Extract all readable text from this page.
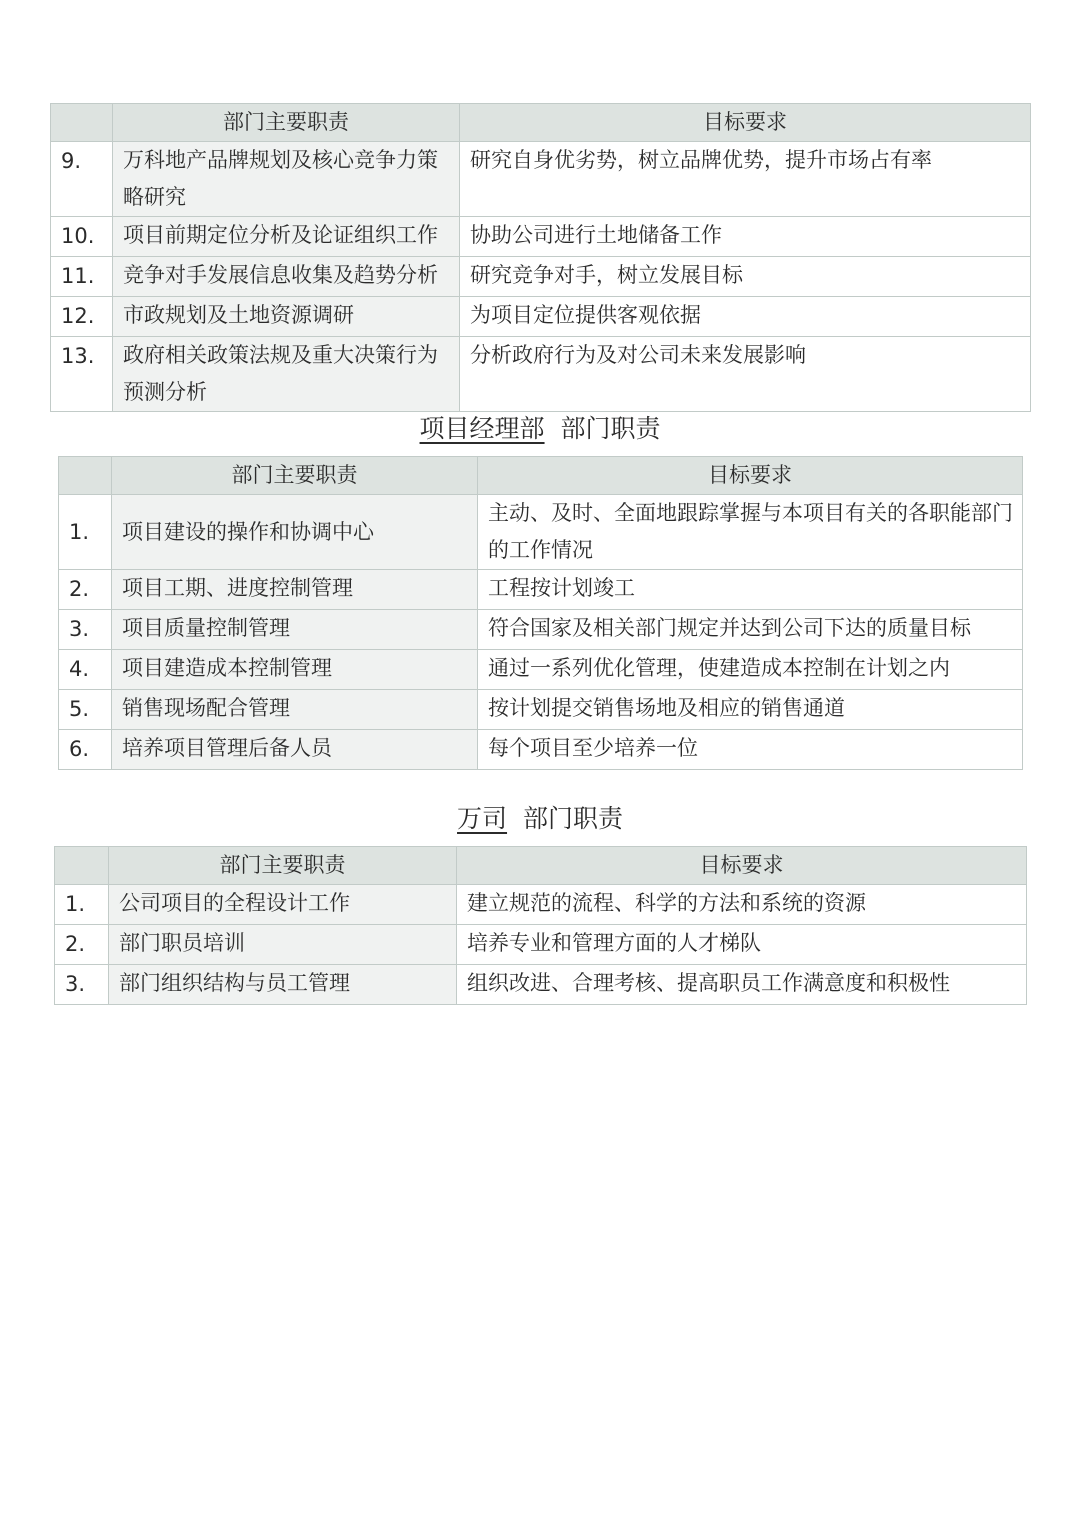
	部门主要职责	目标要求
9.	万科地产品牌规划及核心竞争力策略研究	研究自身优劣势，树立品牌优势，提升市场占有率
10.	项目前期定位分析及论证组织工作	协助公司进行土地储备工作
11.	竞争对手发展信息收集及趋势分析	研究竞争对手，树立发展目标
12.	市政规划及土地资源调研	为项目定位提供客观依据
13.	政府相关政策法规及重大决策行为预测分析	分析政府行为及对公司未来发展影响
项目经理部 部门职责
	部门主要职责	目标要求
1.	项目建设的操作和协调中心	主动、及时、全面地跟踪掌握与本项目有关的各职能部门的工作情况
2.	项目工期、进度控制管理	工程按计划竣工
3.	项目质量控制管理	符合国家及相关部门规定并达到公司下达的质量目标
4.	项目建造成本控制管理	通过一系列优化管理，使建造成本控制在计划之内
5.	销售现场配合管理	按计划提交销售场地及相应的销售通道
6.	培养项目管理后备人员	每个项目至少培养一位
万司 部门职责
	部门主要职责	目标要求
1.	公司项目的全程设计工作	建立规范的流程、科学的方法和系统的资源
2.	部门职员培训	培养专业和管理方面的人才梯队
3.	部门组织结构与员工管理	组织改进、合理考核、提高职员工作满意度和积极性
